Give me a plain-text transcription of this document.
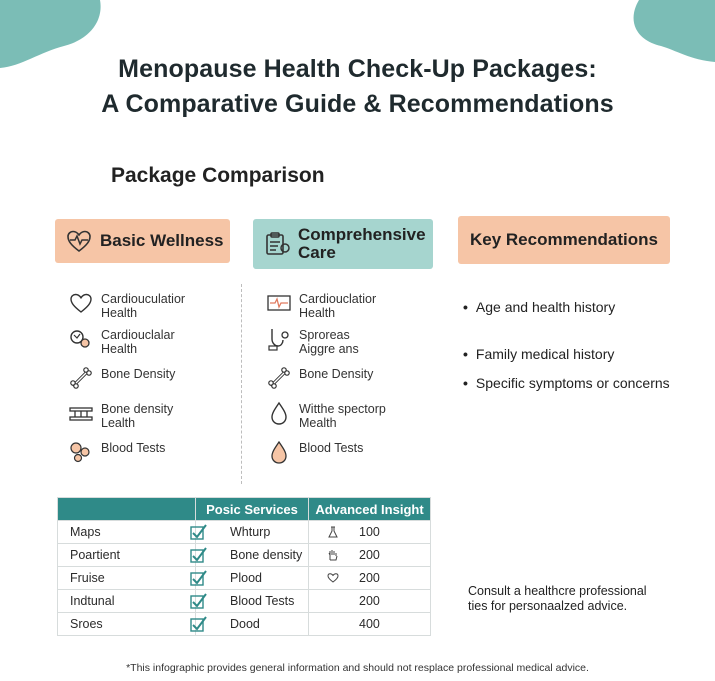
Menopause Health Check-Up Packages:
A Comparative Guide & Recommendations
Package Comparison
Basic Wellness	Comprehensive Care
Key Recommendations
Cardiouculatior Health
Cardiouclalar Health
Bone Density
Bone density Lealth
Blood Tests
Cardiouclatior Health
Sproreas Aiggre ans
Bone Density
Witthe spectorp Mealth
Blood Tests
• Age and health history
• Family medical history
• Specific symptoms or concerns
	Posic Services	Advanced Insight
Maps	Whturp	100

Poartient	Bone density	200

Fruise	Plood	200

Indtunal	Blood Tests	200

Sroes	Dood	400
Consult a healthcre professional ties for personaalzed advice.
*This infographic provides general information and should not resplace professional medical advice.
